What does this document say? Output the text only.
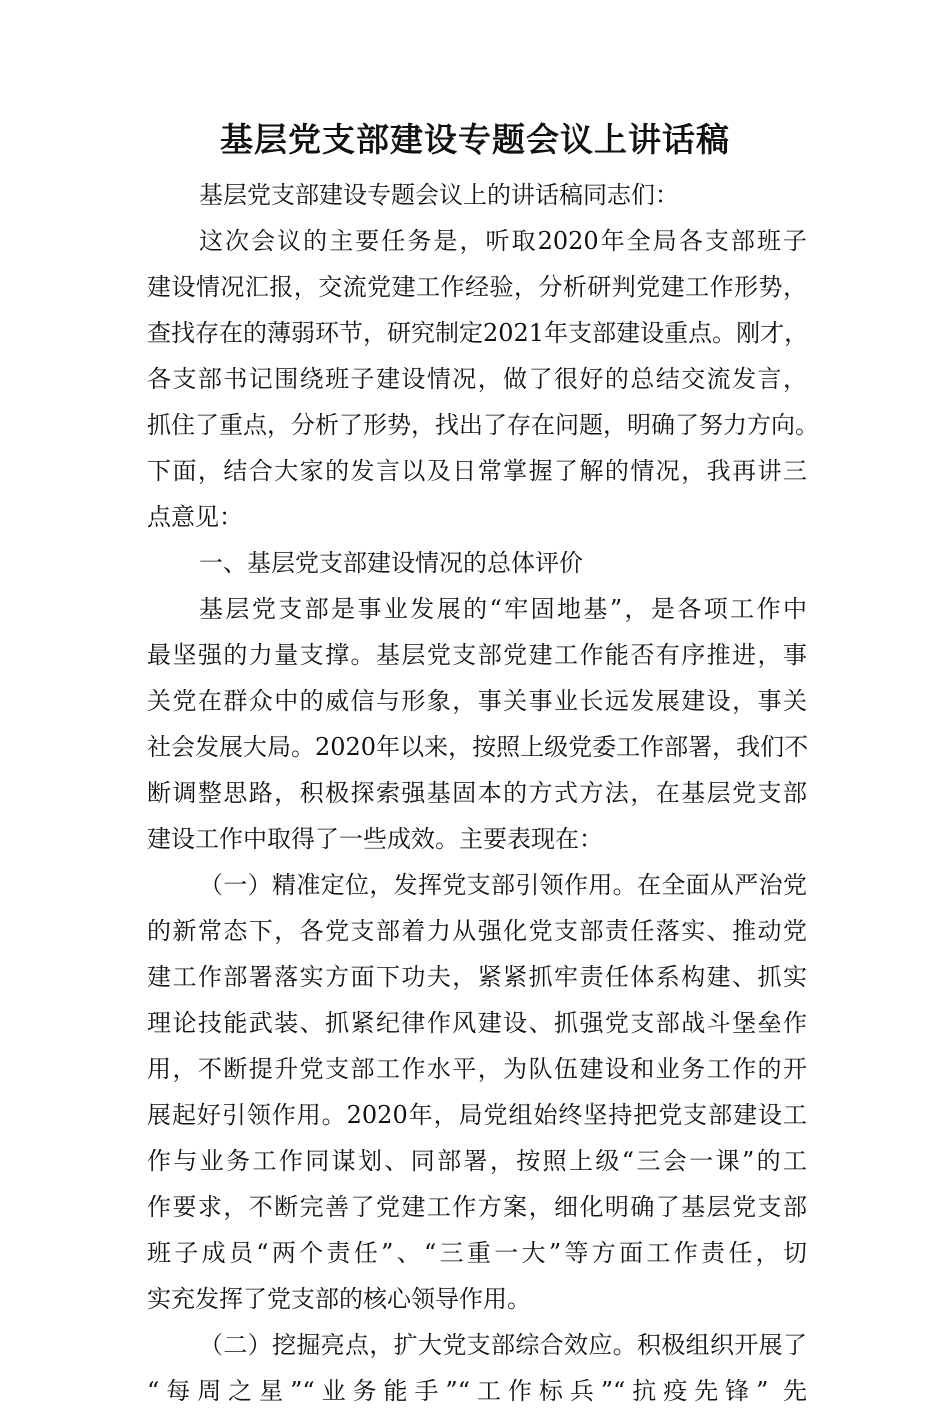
基层党支部建设专题会议上讲话稿
基层党支部建设专题会议上的讲话稿同志们：
这次会议的主要任务是，听取2020年全局各支部班子
建设情况汇报，交流党建工作经验，分析研判党建工作形势，
查找存在的薄弱环节，研究制定2021年支部建设重点。刚才，
各支部书记围绕班子建设情况，做了很好的总结交流发言，
抓住了重点，分析了形势，找出了存在问题，明确了努力方向。
下面，结合大家的发言以及日常掌握了解的情况，我再讲三
点意见：
一、基层党支部建设情况的总体评价
基层党支部是事业发展的“牢固地基”，是各项工作中
最坚强的力量支撑。基层党支部党建工作能否有序推进，事
关党在群众中的威信与形象，事关事业长远发展建设，事关
社会发展大局。2020年以来，按照上级党委工作部署，我们不
断调整思路，积极探索强基固本的方式方法，在基层党支部
建设工作中取得了一些成效。主要表现在：
（一）精准定位，发挥党支部引领作用。在全面从严治党
的新常态下，各党支部着力从强化党支部责任落实、推动党
建工作部署落实方面下功夫，紧紧抓牢责任体系构建、抓实
理论技能武装、抓紧纪律作风建设、抓强党支部战斗堡垒作
用，不断提升党支部工作水平，为队伍建设和业务工作的开
展起好引领作用。2020年，局党组始终坚持把党支部建设工
作与业务工作同谋划、同部署，按照上级“三会一课”的工
作要求，不断完善了党建工作方案，细化明确了基层党支部
班子成员“两个责任”、“三重一大”等方面工作责任，切
实充发挥了党支部的核心领导作用。
（二）挖掘亮点，扩大党支部综合效应。积极组织开展了
“每周之星”“业务能手”“工作标兵”“抗疫先锋” 先
